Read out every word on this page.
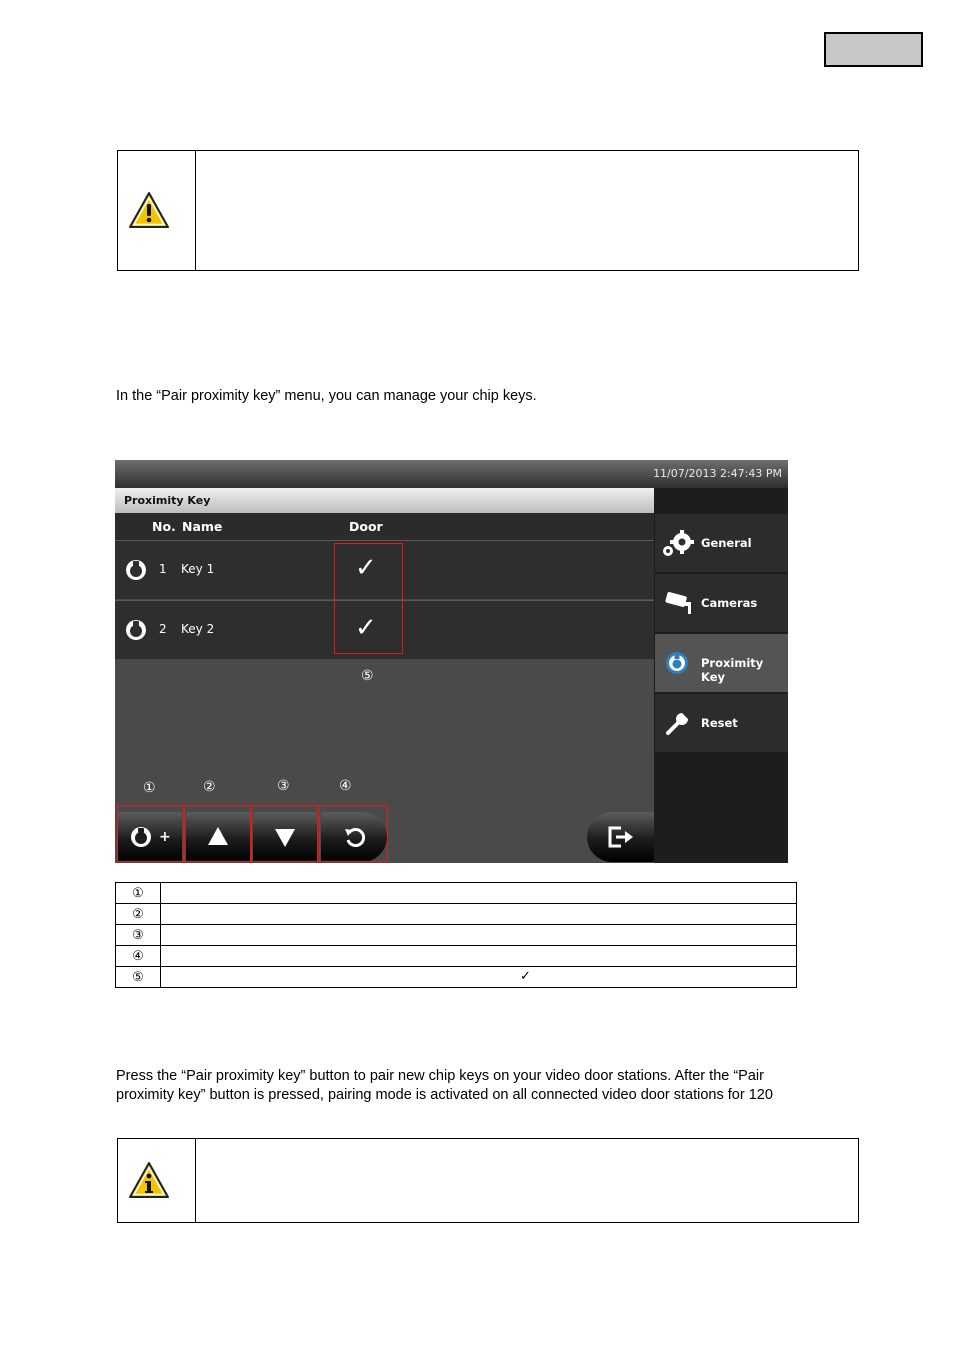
In the “Pair proximity key” menu, you can manage your chip keys.
11/07/2013 2:47:43 PM
Proximity Key
No. Name	Door
1 Key 1	✓
2 Key 2	✓
⑤
General
Cameras
Proximity Key
Reset
①	②	③	④
+
①	
②	
③	
④	
⑤	✓
Press the “Pair proximity key” button to pair new chip keys on your video door stations. After the “Pair
proximity key” button is pressed, pairing mode is activated on all connected video door stations for 120
